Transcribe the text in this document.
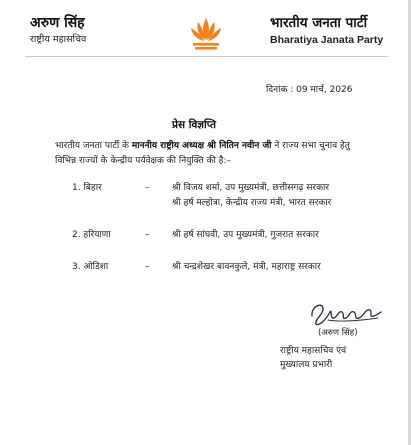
अरुण सिंह
राष्ट्रीय महासचिव
भारतीय जनता पार्टी
Bharatiya Janata Party
दिनांक : 09 मार्च, 2026
प्रेस विज्ञप्ति
भारतीय जनता पार्टी के माननीय राष्ट्रीय अध्यक्ष श्री नितिन नवीन जी ने राज्य सभा चुनाव हेतु विभिन्न राज्यों के केन्द्रीय पर्यवेक्षक की नियुक्ति की है:–
1. बिहार	–	श्री विजय शर्मा, उप मुख्यमंत्री, छत्तीसगढ़ सरकार
श्री हर्ष मल्होत्रा, केन्द्रीय राज्य मंत्री, भारत सरकार
2. हरियाणा	–	श्री हर्ष सांघवी, उप मुख्यमंत्री, गुजरात सरकार
3. ओडिशा	–	श्री चन्द्रशेखर बावनकुले, मंत्री, महाराष्ट्र सरकार
(अरुण सिंह)
राष्ट्रीय महासचिव एवं
मुख्यालय प्रभारी
